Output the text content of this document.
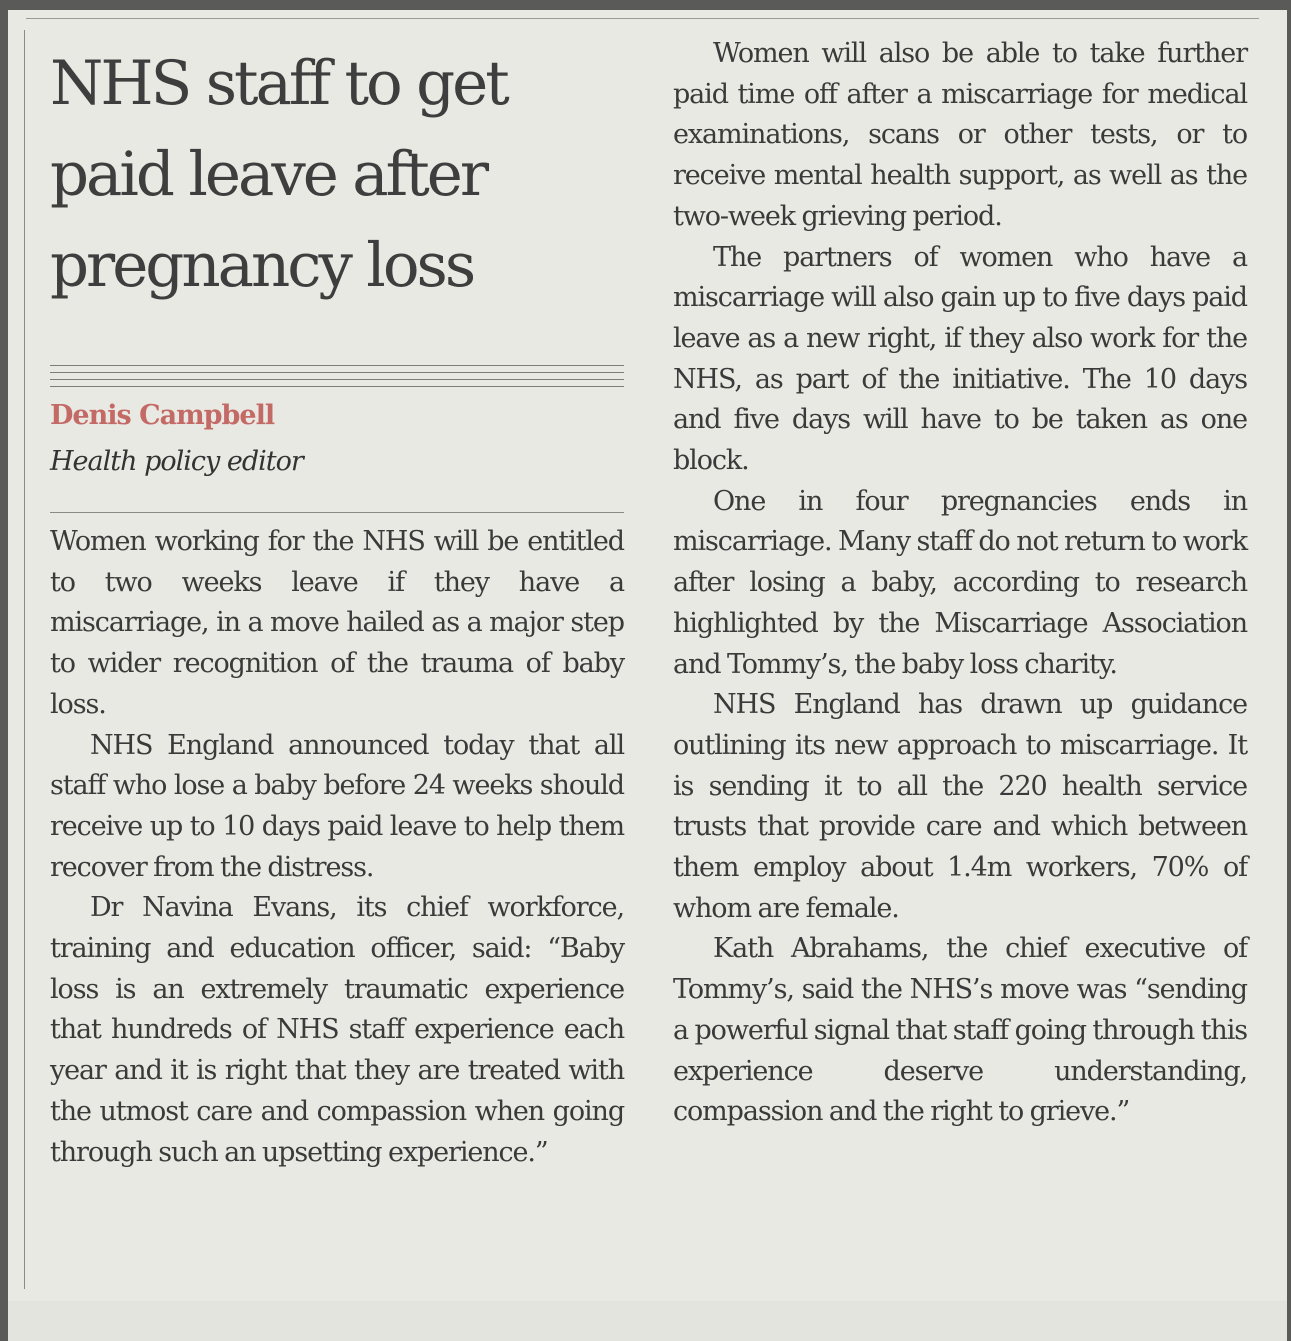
NHS staff to get paid leave after pregnancy loss
Denis Campbell
Health policy editor

Women working for the NHS will be entitled to two weeks leave if they have a miscarriage, in a move hailed as a major step to wider recognition of the trauma of baby loss.

NHS England announced today that all staff who lose a baby before 24 weeks should receive up to 10 days paid leave to help them recover from the distress.

Dr Navina Evans, its chief workforce, training and education officer, said: “Baby loss is an extremely traumatic experience that hundreds of NHS staff experience each year and it is right that they are treated with the utmost care and compassion when going through such an upsetting experience.”

Women will also be able to take further paid time off after a miscarriage for medical examinations, scans or other tests, or to receive mental health support, as well as the two-week grieving period.

The partners of women who have a miscarriage will also gain up to five days paid leave as a new right, if they also work for the NHS, as part of the initiative. The 10 days and five days will have to be taken as one block.

One in four pregnancies ends in miscarriage. Many staff do not return to work after losing a baby, according to research highlighted by the Miscarriage Association and Tommy’s, the baby loss charity.

NHS England has drawn up guidance outlining its new approach to miscarriage. It is sending it to all the 220 health service trusts that provide care and which between them employ about 1.4m workers, 70% of whom are female.

Kath Abrahams, the chief executive of Tommy’s, said the NHS’s move was “sending a powerful signal that staff going through this experience deserve understanding, compassion and the right to grieve.”
